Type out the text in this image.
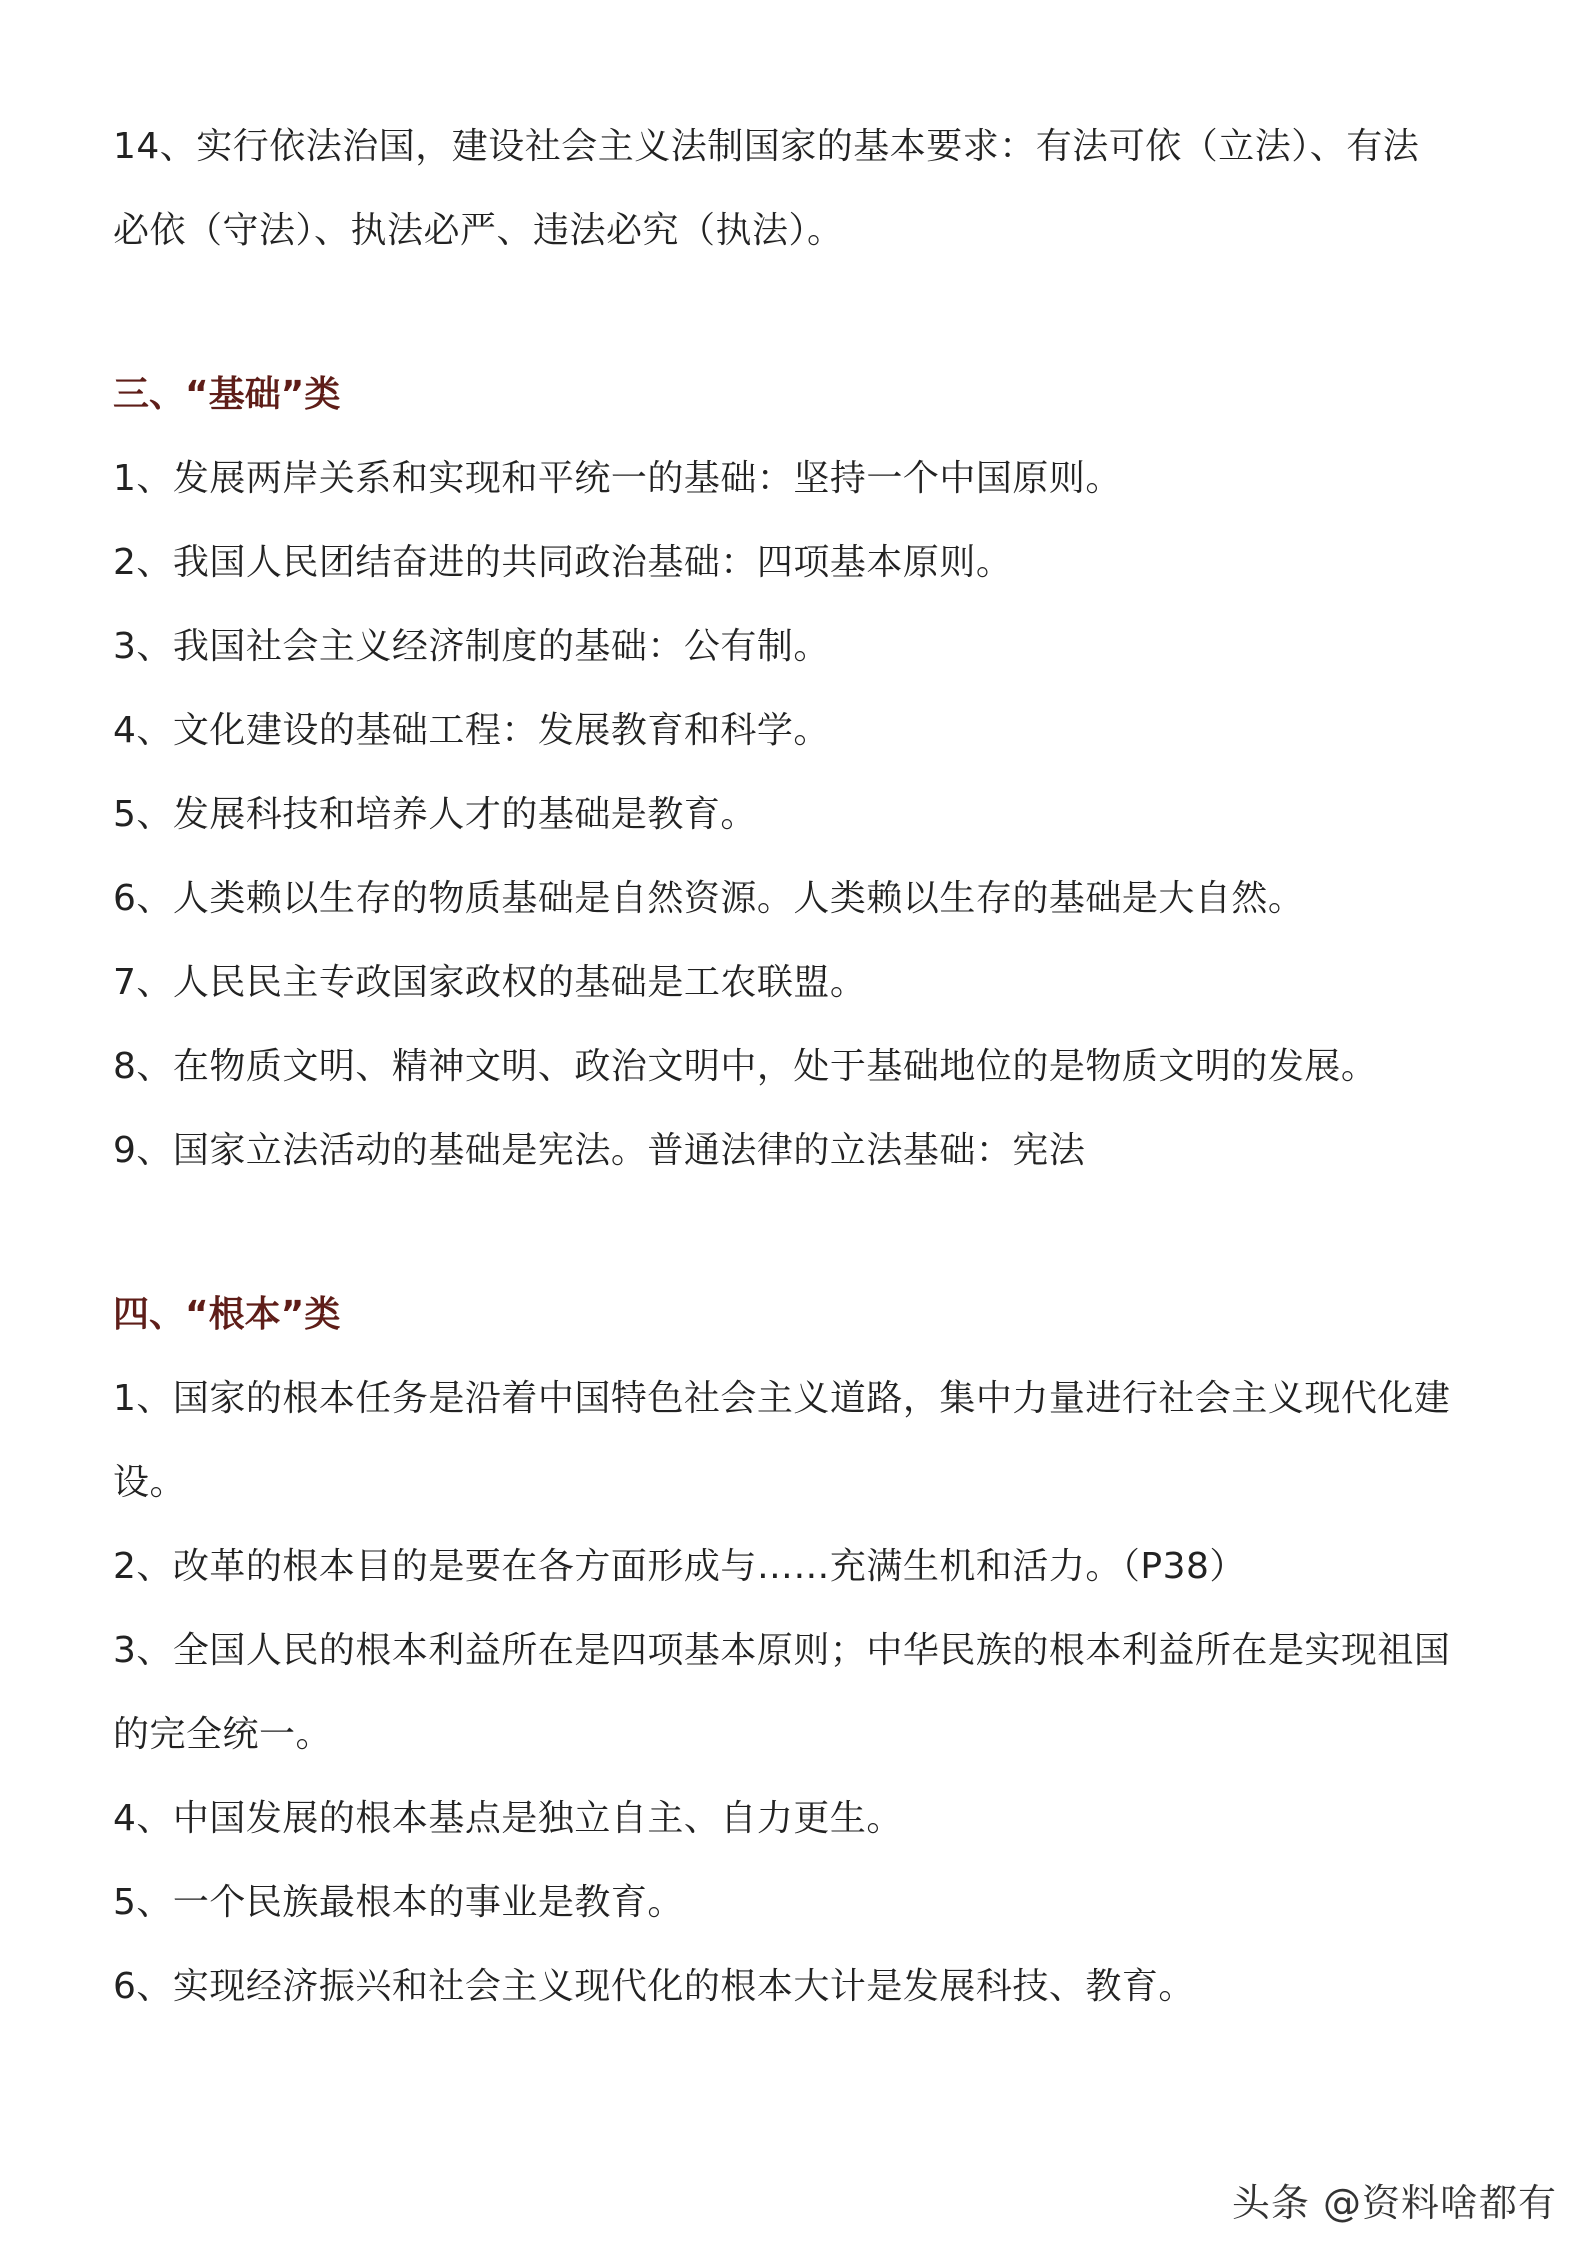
14、实行依法治国，建设社会主义法制国家的基本要求：有法可依（立法）、有法

必依（守法）、执法必严、违法必究（执法）。

三、“基础”类

1、发展两岸关系和实现和平统一的基础：坚持一个中国原则。

2、我国人民团结奋进的共同政治基础：四项基本原则。

3、我国社会主义经济制度的基础：公有制。

4、文化建设的基础工程：发展教育和科学。

5、发展科技和培养人才的基础是教育。

6、人类赖以生存的物质基础是自然资源。人类赖以生存的基础是大自然。

7、人民民主专政国家政权的基础是工农联盟。

8、在物质文明、精神文明、政治文明中，处于基础地位的是物质文明的发展。

9、国家立法活动的基础是宪法。普通法律的立法基础：宪法

四、“根本”类

1、国家的根本任务是沿着中国特色社会主义道路，集中力量进行社会主义现代化建

设。

2、改革的根本目的是要在各方面形成与……充满生机和活力。（P38）

3、全国人民的根本利益所在是四项基本原则；中华民族的根本利益所在是实现祖国

的完全统一。

4、中国发展的根本基点是独立自主、自力更生。

5、一个民族最根本的事业是教育。

6、实现经济振兴和社会主义现代化的根本大计是发展科技、教育。

头条 @资料啥都有
